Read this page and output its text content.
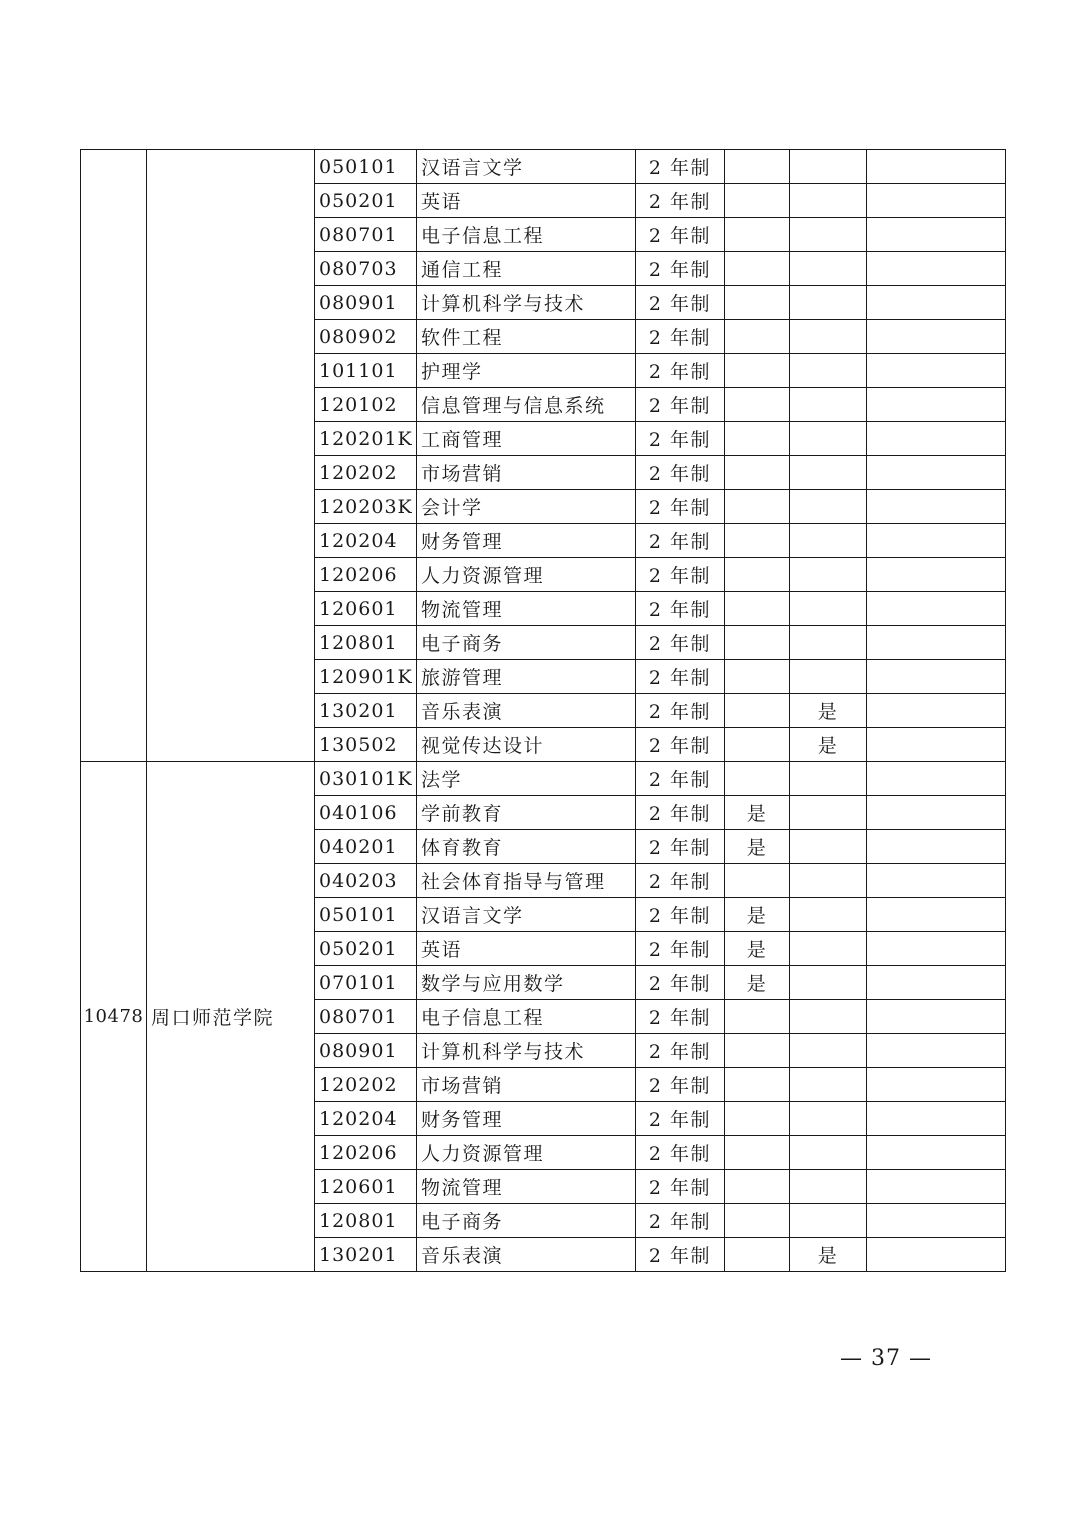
		050101	汉语言文学	2 年制			
		050201	英语	2 年制			
		080701	电子信息工程	2 年制			
		080703	通信工程	2 年制			
		080901	计算机科学与技术	2 年制			
		080902	软件工程	2 年制			
		101101	护理学	2 年制			
		120102	信息管理与信息系统	2 年制			
		120201K	工商管理	2 年制			
		120202	市场营销	2 年制			
		120203K	会计学	2 年制			
		120204	财务管理	2 年制			
		120206	人力资源管理	2 年制			
		120601	物流管理	2 年制			
		120801	电子商务	2 年制			
		120901K	旅游管理	2 年制			
		130201	音乐表演	2 年制		是	
		130502	视觉传达设计	2 年制		是	
10478	周口师范学院	030101K	法学	2 年制			
		040106	学前教育	2 年制	是		
		040201	体育教育	2 年制	是		
		040203	社会体育指导与管理	2 年制			
		050101	汉语言文学	2 年制	是		
		050201	英语	2 年制	是		
		070101	数学与应用数学	2 年制	是		
		080701	电子信息工程	2 年制			
		080901	计算机科学与技术	2 年制			
		120202	市场营销	2 年制			
		120204	财务管理	2 年制			
		120206	人力资源管理	2 年制			
		120601	物流管理	2 年制			
		120801	电子商务	2 年制			
		130201	音乐表演	2 年制		是	
— 37 —
